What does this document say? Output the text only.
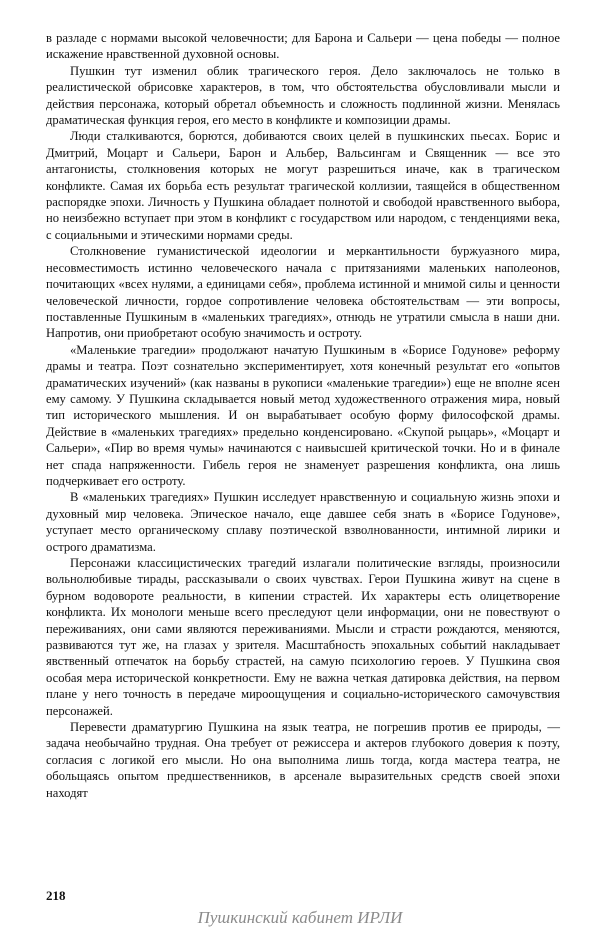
в разладе с нормами высокой человечности; для Барона и Сальери — цена победы — полное искажение нравственной духовной основы.

Пушкин тут изменил облик трагического героя. Дело заключалось не только в реалистической обрисовке характеров, в том, что обстоятельства обусловливали мысли и действия персонажа, который обретал объемность и сложность подлинной жизни. Менялась драматическая функция героя, его место в конфликте и композиции драмы.

Люди сталкиваются, борются, добиваются своих целей в пушкинских пьесах. Борис и Дмитрий, Моцарт и Сальери, Барон и Альбер, Вальсингам и Священник — все это антагонисты, столкновения которых не могут разрешиться иначе, как в трагическом конфликте. Самая их борьба есть результат трагической коллизии, таящейся в общественном распорядке эпохи. Личность у Пушкина обладает полнотой и свободой нравственного выбора, но неизбежно вступает при этом в конфликт с государством или народом, с тенденциями века, с социальными и этическими нормами среды.

Столкновение гуманистической идеологии и меркантильности буржуазного мира, несовместимость истинно человеческого начала с притязаниями маленьких наполеонов, почитающих «всех нулями, а единицами себя», проблема истинной и мнимой силы и ценности человеческой личности, гордое сопротивление человека обстоятельствам — эти вопросы, поставленные Пушкиным в «маленьких трагедиях», отнюдь не утратили смысла в наши дни. Напротив, они приобретают особую значимость и остроту.

«Маленькие трагедии» продолжают начатую Пушкиным в «Борисе Годунове» реформу драмы и театра. Поэт сознательно экспериментирует, хотя конечный результат его «опытов драматических изучений» (как названы в рукописи «маленькие трагедии») еще не вполне ясен ему самому. У Пушкина складывается новый метод художественного отражения мира, новый тип исторического мышления. И он вырабатывает особую форму философской драмы. Действие в «маленьких трагедиях» предельно конденсировано. «Скупой рыцарь», «Моцарт и Сальери», «Пир во время чумы» начинаются с наивысшей критической точки. Но и в финале нет спада напряженности. Гибель героя не знаменует разрешения конфликта, она лишь подчеркивает его остроту.

В «маленьких трагедиях» Пушкин исследует нравственную и социальную жизнь эпохи и духовный мир человека. Эпическое начало, еще давшее себя знать в «Борисе Годунове», уступает место органическому сплаву поэтической взволнованности, интимной лирики и острого драматизма.

Персонажи классицистических трагедий излагали политические взгляды, произносили вольнолюбивые тирады, рассказывали о своих чувствах. Герои Пушкина живут на сцене в бурном водовороте реальности, в кипении страстей. Их характеры есть олицетворение конфликта. Их монологи меньше всего преследуют цели информации, они не повествуют о переживаниях, они сами являются переживаниями. Мысли и страсти рождаются, меняются, развиваются тут же, на глазах у зрителя. Масштабность эпохальных событий накладывает явственный отпечаток на борьбу страстей, на самую психологию героев. У Пушкина своя особая мера исторической конкретности. Ему не важна четкая датировка действия, на первом плане у него точность в передаче мироощущения и социально-исторического самочувствия персонажей.

Перевести драматургию Пушкина на язык театра, не погрешив против ее природы, — задача необычайно трудная. Она требует от режиссера и актеров глубокого доверия к поэту, согласия с логикой его мысли. Но она выполнима лишь тогда, когда мастера театра, не обольщаясь опытом предшественников, в арсенале выразительных средств своей эпохи находят

218
Пушкинский кабинет ИРЛИ
